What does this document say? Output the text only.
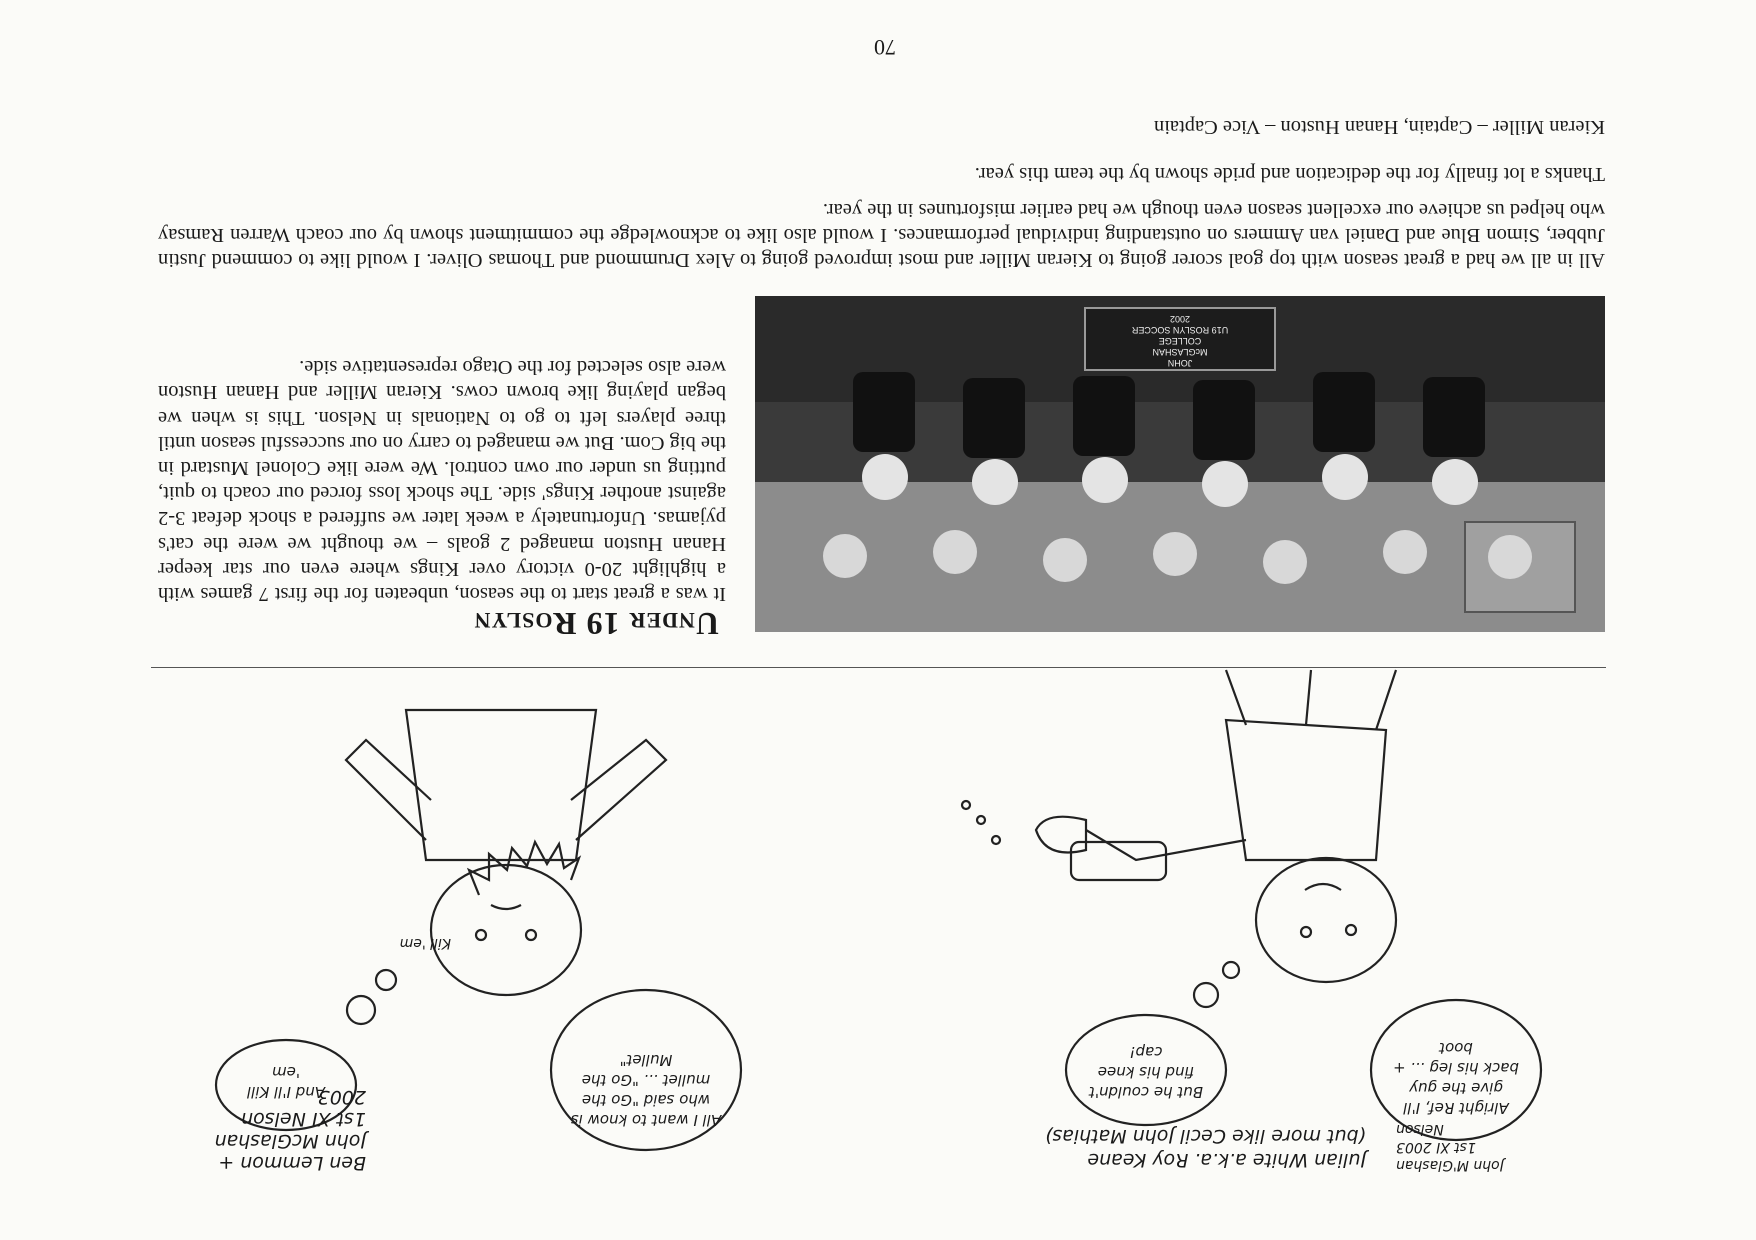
Under 19 Roslyn

It was a great start to the season, unbeaten for the first 7 games with a highlight 20-0 victory over Kings where even our star keeper Hanan Huston managed 2 goals – we thought we were the cat's pyjamas. Unfortunately a week later we suffered a shock defeat 3-2 against another Kings' side. The shock loss forced our coach to quit, putting us under our own control. We were like Colonel Mustard in the big Com. But we managed to carry on our successful season until three players left to go to Nationals in Nelson. This is when we began playing like brown cows. Kieran Miller and Hanan Huston were also selected for the Otago representative side.	JOHN
McGLASHAN
COLLEGE
U19 ROSLYN SOCCER
2002

All in all we had a great season with top goal scorer going to Kieran Miller and most improved going to Alex Drummond and Thomas Oliver. I would like to commend Justin Jubber, Simon Blue and Daniel van Ammers on outstanding individual performances. I would also like to acknowledge the commitment shown by our coach Warren Ramsay who helped us achieve our excellent season even though we had earlier misfortunes in the year.

Thanks a lot finally for the dedication and pride shown by the team this year.

Kieran Miller – Captain, Hanan Huston – Vice Captain

70
Alright Ref, I'll give the guy back his leg ... + boot
But he couldn't find his knee cap!
Julian White a.k.a. Roy Keane
(but more like Cecil John Mathias)
John M'Glashan
1st XI 2003
Nelson
All I want to know is who said "Go the mullet ... "Go the Mullet"
And I'll Kill 'em
Kill 'em
Ben Lemmon +
John McGlashan
1st XI Nelson
2003
